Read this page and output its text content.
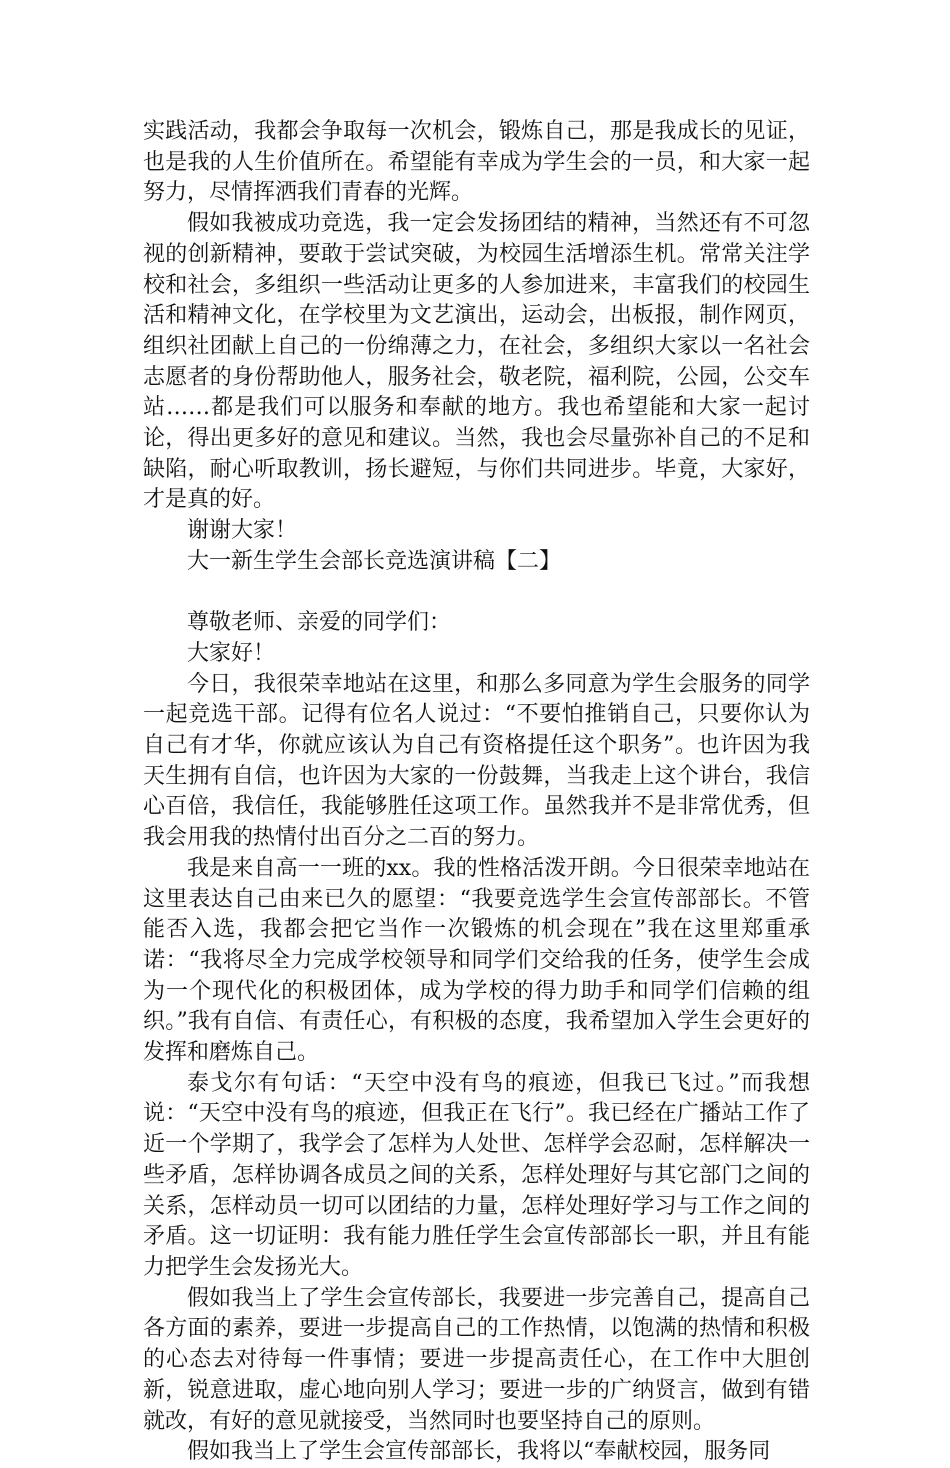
实践活动，我都会争取每一次机会，锻炼自己，那是我成长的见证，也是我的人生价值所在。希望能有幸成为学生会的一员，和大家一起努力，尽情挥洒我们青春的光辉。

假如我被成功竞选，我一定会发扬团结的精神，当然还有不可忽视的创新精神，要敢于尝试突破，为校园生活增添生机。常常关注学校和社会，多组织一些活动让更多的人参加进来，丰富我们的校园生活和精神文化，在学校里为文艺演出，运动会，出板报，制作网页，组织社团献上自己的一份绵薄之力，在社会，多组织大家以一名社会志愿者的身份帮助他人，服务社会，敬老院，福利院，公园，公交车站……都是我们可以服务和奉献的地方。我也希望能和大家一起讨论，得出更多好的意见和建议。当然，我也会尽量弥补自己的不足和缺陷，耐心听取教训，扬长避短，与你们共同进步。毕竟，大家好，才是真的好。

谢谢大家！

大一新生学生会部长竞选演讲稿【二】

尊敬老师、亲爱的同学们：

大家好！

今日，我很荣幸地站在这里，和那么多同意为学生会服务的同学一起竞选干部。记得有位名人说过：“不要怕推销自己，只要你认为自己有才华，你就应该认为自己有资格提任这个职务”。也许因为我天生拥有自信，也许因为大家的一份鼓舞，当我走上这个讲台，我信心百倍，我信任，我能够胜任这项工作。虽然我并不是非常优秀，但我会用我的热情付出百分之二百的努力。

我是来自高一一班的xx。我的性格活泼开朗。今日很荣幸地站在这里表达自己由来已久的愿望：“我要竞选学生会宣传部部长。不管能否入选，我都会把它当作一次锻炼的机会现在”我在这里郑重承诺：“我将尽全力完成学校领导和同学们交给我的任务，使学生会成为一个现代化的积极团体，成为学校的得力助手和同学们信赖的组织。”我有自信、有责任心，有积极的态度，我希望加入学生会更好的发挥和磨炼自己。

泰戈尔有句话：“天空中没有鸟的痕迹，但我已飞过。”而我想说：“天空中没有鸟的痕迹，但我正在飞行”。我已经在广播站工作了近一个学期了，我学会了怎样为人处世、怎样学会忍耐，怎样解决一些矛盾，怎样协调各成员之间的关系，怎样处理好与其它部门之间的关系，怎样动员一切可以团结的力量，怎样处理好学习与工作之间的矛盾。这一切证明：我有能力胜任学生会宣传部部长一职，并且有能力把学生会发扬光大。

假如我当上了学生会宣传部长，我要进一步完善自己，提高自己各方面的素养，要进一步提高自己的工作热情，以饱满的热情和积极的心态去对待每一件事情；要进一步提高责任心，在工作中大胆创新，锐意进取，虚心地向别人学习；要进一步的广纳贤言，做到有错就改，有好的意见就接受，当然同时也要坚持自己的原则。

假如我当上了学生会宣传部部长，我将以“奉献校园，服务同
